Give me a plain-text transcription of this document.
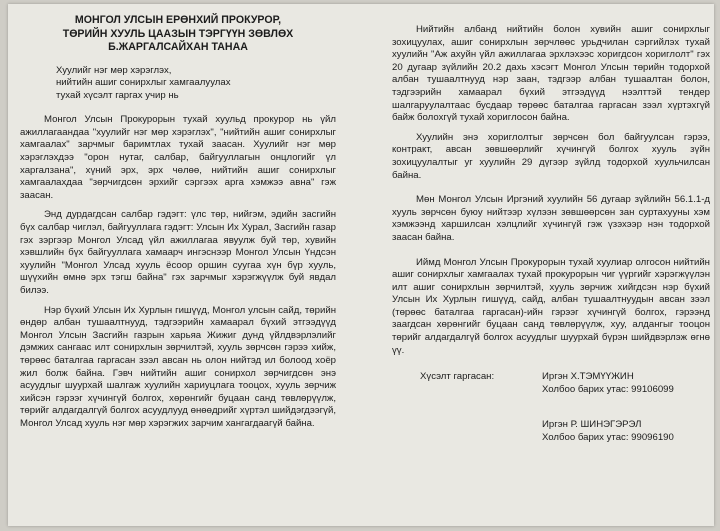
МОНГОЛ УЛСЫН ЕРӨНХИЙ ПРОКУРОР,
ТӨРИЙН ХУУЛЬ ЦААЗЫН ТЭРГҮҮН ЗӨВЛӨХ
Б.ЖАРГАЛСАЙХАН ТАНАА
Хуулийг нэг мөр хэрэглэх,
нийтийн ашиг сонирхлыг хамгаалуулах
тухай хүсэлт гаргах учир нь

Монгол Улсын Прокурорын тухай хуульд прокурор нь үйл ажиллагаандаа "хуулийг нэг мөр хэрэглэх", "нийтийн ашиг сонирхлыг хамгаалах" зарчмыг баримтлах тухай заасан. Хуулийг нэг мөр хэрэглэхдээ "орон нутаг, салбар, байгууллагын онцлогийг үл харгалзана", хүний эрх, эрх чөлөө, нийтийн ашиг сонирхлыг хамгаалахдаа "зөрчигдсөн эрхийг сэргээх арга хэмжээ авна" гэж заасан.

Энд дурдагдсан салбар гэдэгт: үлс төр, нийгэм, эдийн засгийн бүх салбар чиглэл, байгууллага гэдэгт: Улсын Их Хурал, Засгийн газар гэх зэргээр Монгол Улсад үйл ажиллагаа явуулж буй төр, хувийн хэвшлийн бүх байгууллага хамаарч ингэснээр Монгол Улсын Үндсэн хуулийн "Монгол Улсад хууль ёсоор оршин суугаа хүн бүр хууль, шүүхийн өмнө эрх тэгш байна" гэх зарчмыг хэрэгжүүлж буй явдал билээ.

Нэр бүхий Улсын Их Хурлын гишүүд, Монгол улсын сайд, төрийн өндөр албан тушаалтнууд, тэдгээрийн хамаарал бүхий этгээдүүд Монгол Улсын Засгийн газрын харьяа Жижиг дунд үйлдвэрлэлийг дэмжих сангаас илт сонирхлын зөрчилтэй, хууль зөрчсөн гэрээ хийж, төрөөс баталгаа гаргасан зээл авсан нь олон нийтэд ил болоод хоёр жил болж байна. Гэвч нийтийн ашиг сонирхол зөрчигдсөн энэ асуудлыг шуурхай шалгаж хуулийн хариуцлага тооцох, хууль зөрчиж хийсэн гэрээг хүчингүй болгох, хөрөнгийг буцаан санд төвлөрүүлж, төрийг алдагдалгүй болгох асуудлууд өнөөдрийг хүртэл шийдэгдээгүй, Монгол Улсад хууль нэг мөр хэрэгжих зарчим хангагдаагүй байна.

Нийтийн албанд нийтийн болон хувийн ашиг сонирхлыг зохицуулах, ашиг сонирхлын зөрчлөөс урьдчилан сэргийлэх тухай хуулийн "Аж ахуйн үйл ажиллагаа эрхлэхээс хоригдсон хориглолт" гэх 20 дугаар зүйлийн 20.2 дахь хэсэгт Монгол Улсын төрийн тодорхой албан тушаалтнууд нэр заан, тэдгээр албан тушаалтан болон, тэдгээрийн хамаарал бүхий этгээдүүд нээлттэй тендер шалгаруулалтаас бусдаар төрөөс баталгаа гаргасан зээл хүртэхгүй байж болохгүй тухай хориглосон байна.

Хуулийн энэ хориглолтыг зөрчсөн бол байгуулсан гэрээ, контракт, авсан зөвшөөрлийг хүчингүй болгох хууль зүйн зохицуулалтыг уг хуулийн 29 дүгээр зүйлд тодорхой хуульчилсан байна.

Мөн Монгол Улсын Иргэний хуулийн 56 дугаар зүйлийн 56.1.1-д хууль зөрчсөн буюу нийтээр хүлээн зөвшөөрсөн зан суртахууны хэм хэмжээнд харшилсан хэлцлийг хүчингүй гэж үзэхээр нэн тодорхой заасан байна.

Иймд Монгол Улсын Прокурорын тухай хуулиар олгосон нийтийн ашиг сонирхлыг хамгаалах тухай прокурорын чиг үүргийг хэрэгжүүлэн илт ашиг сонирхлын зөрчилтэй, хууль зөрчиж хийгдсэн нэр бүхий Улсын Их Хурлын гишүүд, сайд, албан тушаалтнуудын авсан зээл (төрөөс баталгаа гаргасан)-ийн гэрээг хүчингүй болгох, гэрээнд заагдсан хөрөнгийг буцаан санд төвлөрүүлж, хуу, алдангыг тооцон төрийг алдагдалгүй болгох асуудлыг шуурхай бүрэн шийдвэрлэж өгнө үү.

Хүсэлт гаргасан:	Иргэн Х.ТЭМҮҮЖИН
Холбоо барих утас: 99106099
Иргэн Р. ШИНЭГЭРЭЛ
Холбоо барих утас: 99096190
